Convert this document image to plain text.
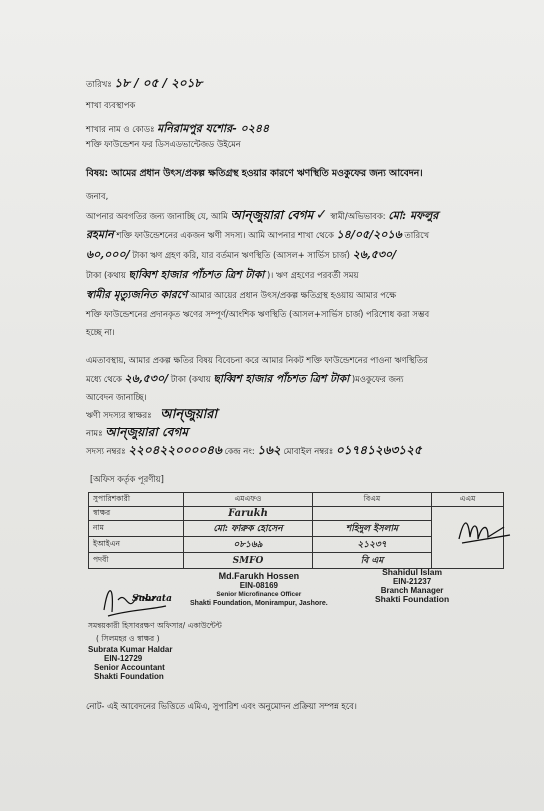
তারিখঃ ১৮ / ০৫ / ২০১৮
শাখা ব্যবস্থাপক
শাখার নাম ও কোডঃ মনিরামপুর যশোর- ০২৪৪
শক্তি ফাউন্ডেশন ফর ডিসএডভান্টেজড উইমেন
বিষয়: আমের প্রধান উৎস/প্রকল্প ক্ষতিগ্রস্থ হওয়ার কারণে ঋণস্থিতি মওকুফের জন্য আবেদন।
জনাব,
আপনার অবগতির জন্য জানাচ্ছি যে, আমি আন্জুয়ারা বেগম ✓ স্বামী/অভিভাবক: মো: মফলুর
রহমান শক্তি ফাউন্ডেশনের একজন ঋণী সদস্য। আমি আপনার শাখা থেকে ১৪/০৫/২০১৬ তারিখে
৬০,০০০/ টাকা ঋণ গ্রহণ করি, যার বর্তমান ঋণস্থিতি (আসল+ সার্ভিস চার্জ) ২৬,৫৩০/
টাকা (কথায় ছাব্বিশ হাজার পাঁচশত ত্রিশ টাকা )। ঋণ গ্রহণের পরবর্তী সময়
স্বামীর মৃত্যুজনিত কারণে আমার আয়ের প্রধান উৎস/প্রকল্প ক্ষতিগ্রস্থ হওয়ায় আমার পক্ষে
শক্তি ফাউন্ডেশনের প্রদানকৃত ঋণের সম্পূর্ণ/আংশিক ঋণস্থিতি (আসল+সার্ভিস চার্জ) পরিশোধ করা সম্ভব
হচ্ছে না।
এমতাবস্থায়, আমার প্রকল্প ক্ষতির বিষয় বিবেচনা করে আমার নিকট শক্তি ফাউন্ডেশনের পাওনা ঋণস্থিতির
মধ্যে থেকে ২৬,৫৩০/ টাকা (কথায় ছাব্বিশ হাজার পাঁচশত ত্রিশ টাকা )মওকুফের জন্য
আবেদন জানাচ্ছি।
ঋণী সদস্যর স্বাক্ষরঃ আন্জুয়ারা
নামঃ আন্জুয়ারা বেগম
সদস্য নম্বরঃ ২২০৪২২০০০০৪৬ কেন্দ্র নং: ১৬২ মোবাইল নম্বরঃ ০১৭৪১২৬৩১২৫
[অফিস কর্তৃক পূরণীয়]
সুপারিশকারী	এমএফও	বিএম	এএম
স্বাক্ষর	Farukh		

নাম	মো: ফারুক হোসেন	শহিদুল ইসলাম	
ইআইএন	০৮১৬৯	২১২৩৭	
পদবী	SMFO	বি এম	
Md.Farukh Hossen
EIN-08169
Senior Microfinance Officer
Shakti Foundation, Monirampur, Jashore.
Shahidul Islam
EIN-21237
Branch Manager
Shakti Foundation
Subrata
সমন্বয়কারী হিসাবরক্ষণ অফিসার/ একাউন্টেন্ট
( সিলমহর ও স্বাক্ষর )
Subrata Kumar Haldar
EIN-12729
Senior Accountant
Shakti Foundation
নোট- এই আবেদনের ভিত্তিতে এমিএ, সুপারিশ এবং অনুমোদন প্রক্রিয়া সম্পন্ন হবে।
